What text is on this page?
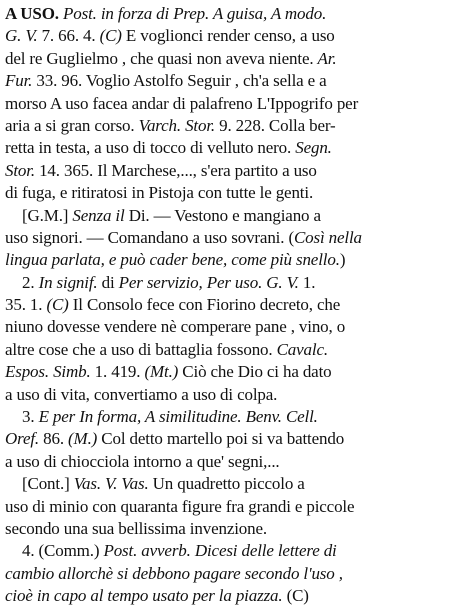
A USO. Post. in forza di Prep. A guisa, A modo.
G. V. 7. 66. 4. (C) E voglionci render censo, a uso
del re Guglielmo , che quasi non aveva niente. Ar.
Fur. 33. 96. Voglio Astolfo Seguir , ch'a sella e a
morso A uso facea andar di palafreno L'Ippogrifo per
aria a si gran corso. Varch. Stor. 9. 228. Colla ber-
retta in testa, a uso di tocco di velluto nero. Segn.
Stor. 14. 365. Il Marchese,..., s'era partito a uso
di fuga, e ritiratosi in Pistoja con tutte le genti.
[G.M.] Senza il Di. — Vestono e mangiano a
uso signori. — Comandano a uso sovrani. (Così nella
lingua parlata, e può cader bene, come più snello.)
2. In signif. di Per servizio, Per uso. G. V. 1.
35. 1. (C) Il Consolo fece con Fiorino decreto, che
niuno dovesse vendere nè comperare pane , vino, o
altre cose che a uso di battaglia fossono. Cavalc.
Espos. Simb. 1. 419. (Mt.) Ciò che Dio ci ha dato
a uso di vita, convertiamo a uso di colpa.
3. E per In forma, A similitudine. Benv. Cell.
Oref. 86. (M.) Col detto martello poi si va battendo
a uso di chiocciola intorno a que' segni,...
[Cont.] Vas. V. Vas. Un quadretto piccolo a
uso di minio con quaranta figure fra grandi e piccole
secondo una sua bellissima invenzione.
4. (Comm.) Post. avverb. Dicesi delle lettere di
cambio allorchè si debbono pagare secondo l'uso ,
cioè in capo al tempo usato per la piazza. (C)
